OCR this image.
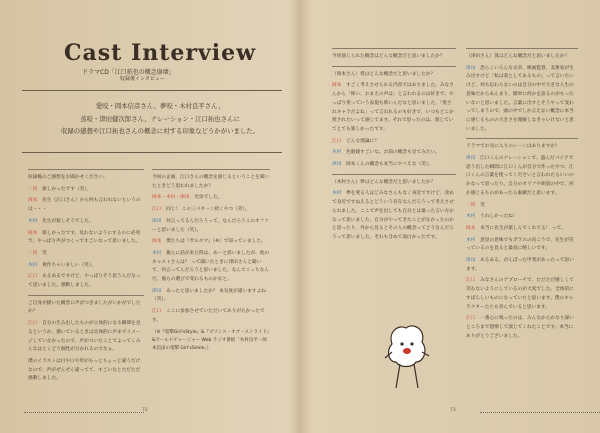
Cast Interview
ドラマCD「江口拓也の概念崩壊」
収録後インタビュー
愛咬・岡本信彦さん、夢咬・木村良平さん、
蒸咬・津田健次郎さん、ナレーション・江口拓也さんに
収録の感想や江口拓也さんの概念に対する印象などうかがいました。

収録後のご感想をお聞かせください。

一同　 楽しかったです（笑）。

岡本　 先生（江口さん）から何も言われないというのは・・・

木村　 先生が楽しそうでした。

岡本　 楽しかったです。気わないようにするのに必死で、やっぱり声がつくってすごいなって思いました。

一同　 笑

木村　 黄作ちゃいましい（笑）。

江口　 あるあるですけど、やっぱりそう思うんだなって思いました。感動しました。

ご自身が描いた概念に声がつきましたがいかがでしたか？

江口　 自分の生み出したものが立体的になる瞬間を見るというか、描いているときは具体的に声までイメージしていなかったので、声がついたことでよってくみんなはとくどう個性が分かれるのでなぁ。

僕のイラストは目や口や形がもっとちょっと違うだけなので、声がぜんぜん違ってて、すごいなとただただ感動しました。

今回の企画、江口さんの概念を演じるということを聞いたときどう思われましたか？

岡本・木村・津田　 光栄でした。

江口　 同じ！ この三パターン続くやつ（笑）。

津田　 何言ってるんだろうって、なんだろうこのオファーと思いました（笑）。

岡本　 僕たちは『ガルスマ』（※）で知っていました。

木村　 俺らに話が来た時は、あーと思いましたが、他のキャストさんは？ って聞いたときに津田さんと聞いて、何言ってんだろうと思いました。なんでこっちなんだ、俺らの選びで変わるものかなと。

津田　 あったと思いましたか？ 本気度が違いますよね（笑）。

江口　 ここに参加させていただいてありがたかったです。

（※『電撃Girl'sStyle』&『プリンス・オブ・ストライド』&ワールドチャージャー Web ラジオ番組「木村良平・岡本信彦の電撃 Girl'sSmile」）

72

今回演じられた概念はどんな概念だと思いましたか？

（岡本さん）愛はどんな概念だと思いましたか？

岡本　 すごく考えさせられる内容ではありました。みなさんから「怖い、おまえの声は」と言われるのは好きで、やっぱり愛っていう表現も怖いんだなと思いました。「愛されキャラだよね」って言われるのも好きで、いつもどこか愛されたいって感じてます。それで思ったのは、演じていてとても楽しかったです。

江口　 どんな理論に？

木村　 色眼鏡すごいな。お前の概念も見てみたい。

津田　 岡本くんの概念も本当にやべえな（笑）。

（木村さん）夢はどんな概念だと思いましたか？

木村　 夢を愛る人ほどみなさんもなく身近ですけど、改めて身近ですねえるとどういう存在なんだろうって考えさせられました。ここで声を出しても自分とは違った言い方かなって思いました。自分がやってきたことがなかったのかと思ったり、外から見るとその人の概念ってどうなんだろうって思いました。それも含めて面白かったです。

（津田さん）蒸はどんな概念だと思いましたか？

津田　 恐らくいろんな文章、映画監督、美術家が生み出すけど「私は蒸としてあるもの」って言いたいけど、何も伝わらないのは自分の中で大きな人生の意味だからあんまり、簡単に何かを語るのがもったいないと思いました。言葉に出すとそうやって変わってしまうので、頭の中でしか言えない概念に本当に感じるものの大きさを理解しなきゃいけないと思いました。

ドラマでお気に入りのシーンはありますか？

津田　 江口くんのナレーションで、盛んだパイアで思う出した瞬間に江口くんが自分で作ったやつ、江口くんの言葉を使ってくださいと言われたらいいのかなって思ったり。自分のセリフや朗読の中で、何か感じるものがあったら素敵だと思います。

一同　 笑

木村　 うれしかったね！

岡本　 本当に先生が楽しんでくれてる！ って。

木村　 意見の意味でもガラスの向こうで、先生が笑っているのを見ると最高に嬉しいです。

津田　 あるある。がんばった甲斐があったって思います。

江口　 みなさんのアプローチで、ただただ嬉しくて笑わないようにしているのが大変でした。全体的にすばらしいものになっていたと思います。僕のキャラクターたちも喜んでいると思います。

江口　 一番心に残ったのは、みんなからかなり深いところまで想像して演じてくれたことです。本当にありがとうございました。

73
